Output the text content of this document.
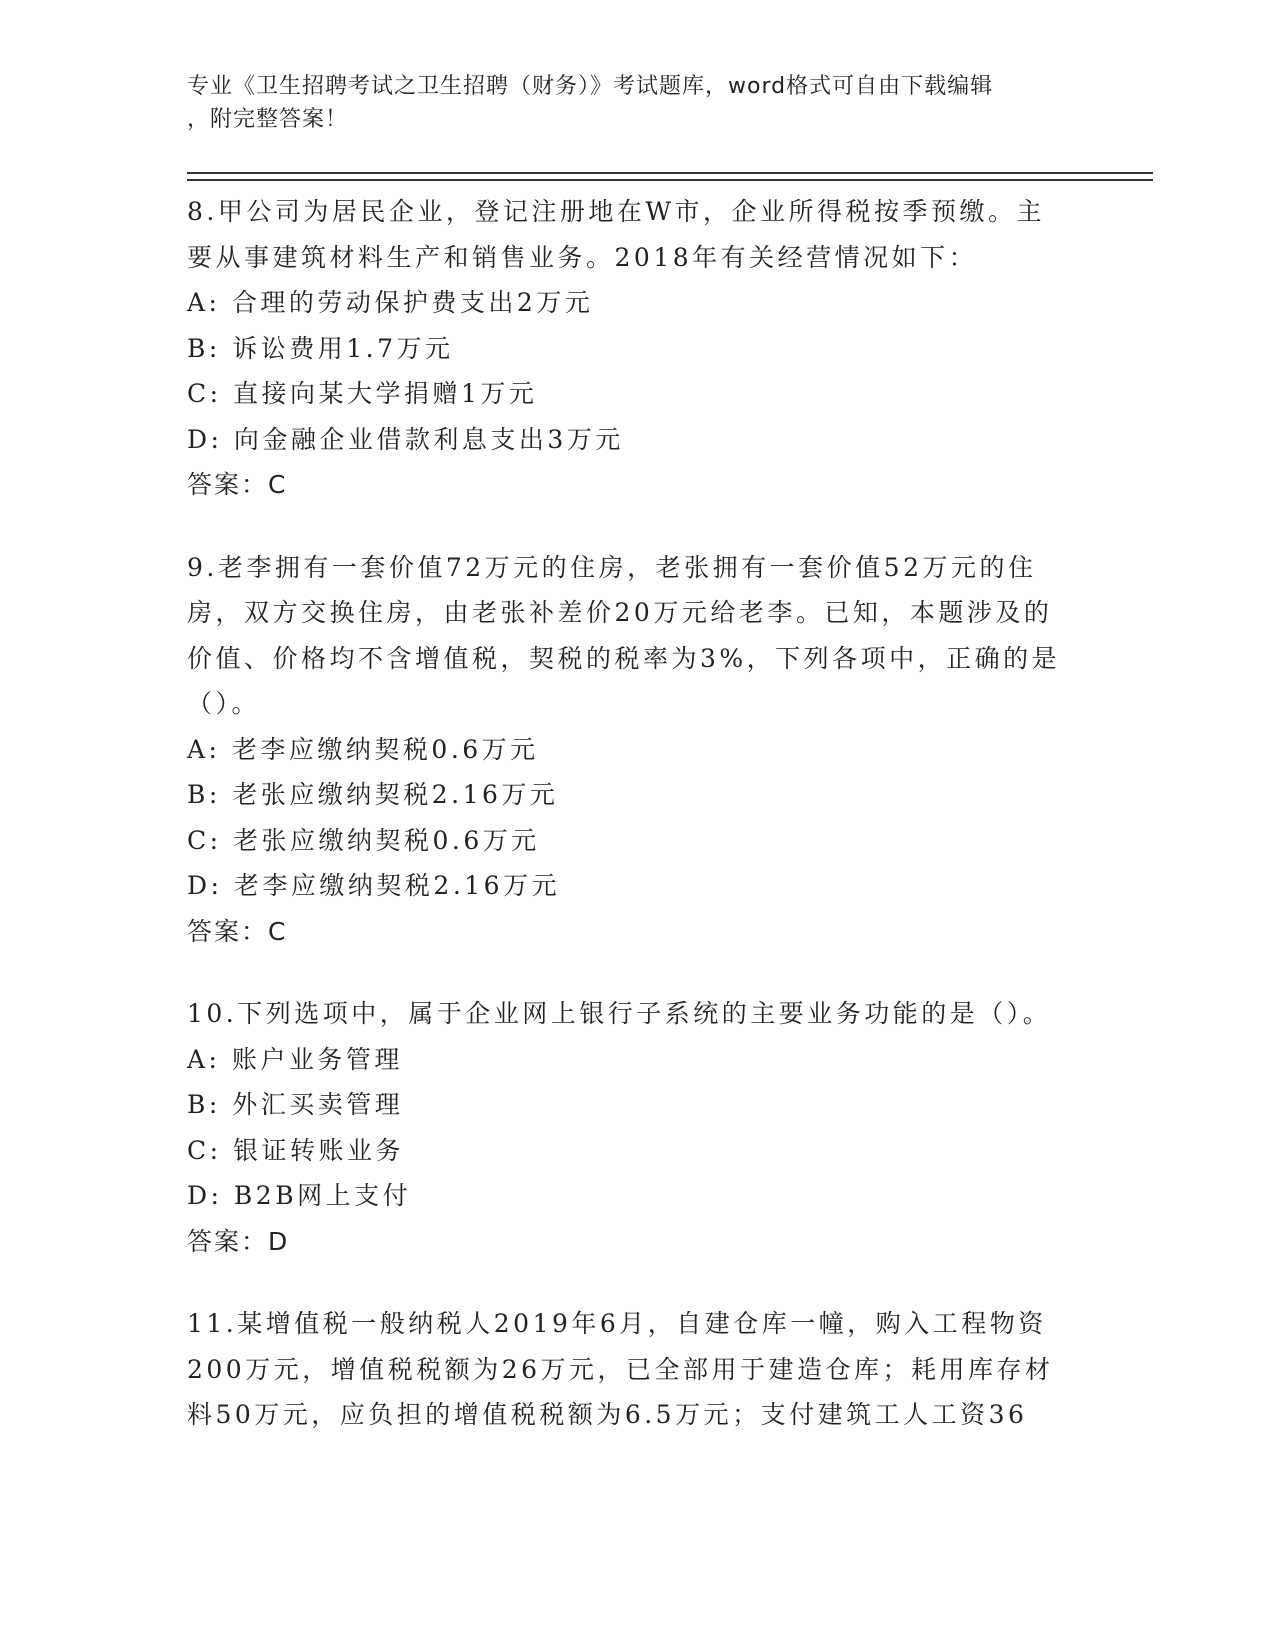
专业《卫生招聘考试之卫生招聘（财务）》考试题库，word格式可自由下载编辑
，附完整答案！
8.甲公司为居民企业，登记注册地在W市，企业所得税按季预缴。主
要从事建筑材料生产和销售业务。2018年有关经营情况如下：
A: 合理的劳动保护费支出2万元
B: 诉讼费用1.7万元
C: 直接向某大学捐赠1万元
D: 向金融企业借款利息支出3万元
答案：C
9.老李拥有一套价值72万元的住房，老张拥有一套价值52万元的住
房，双方交换住房，由老张补差价20万元给老李。已知，本题涉及的
价值、价格均不含增值税，契税的税率为3%，下列各项中，正确的是
（）。
A: 老李应缴纳契税0.6万元
B: 老张应缴纳契税2.16万元
C: 老张应缴纳契税0.6万元
D: 老李应缴纳契税2.16万元
答案：C
10.下列选项中，属于企业网上银行子系统的主要业务功能的是（）。
A: 账户业务管理
B: 外汇买卖管理
C: 银证转账业务
D: B2B网上支付
答案：D
11.某增值税一般纳税人2019年6月，自建仓库一幢，购入工程物资
200万元，增值税税额为26万元，已全部用于建造仓库；耗用库存材
料50万元，应负担的增值税税额为6.5万元；支付建筑工人工资36
